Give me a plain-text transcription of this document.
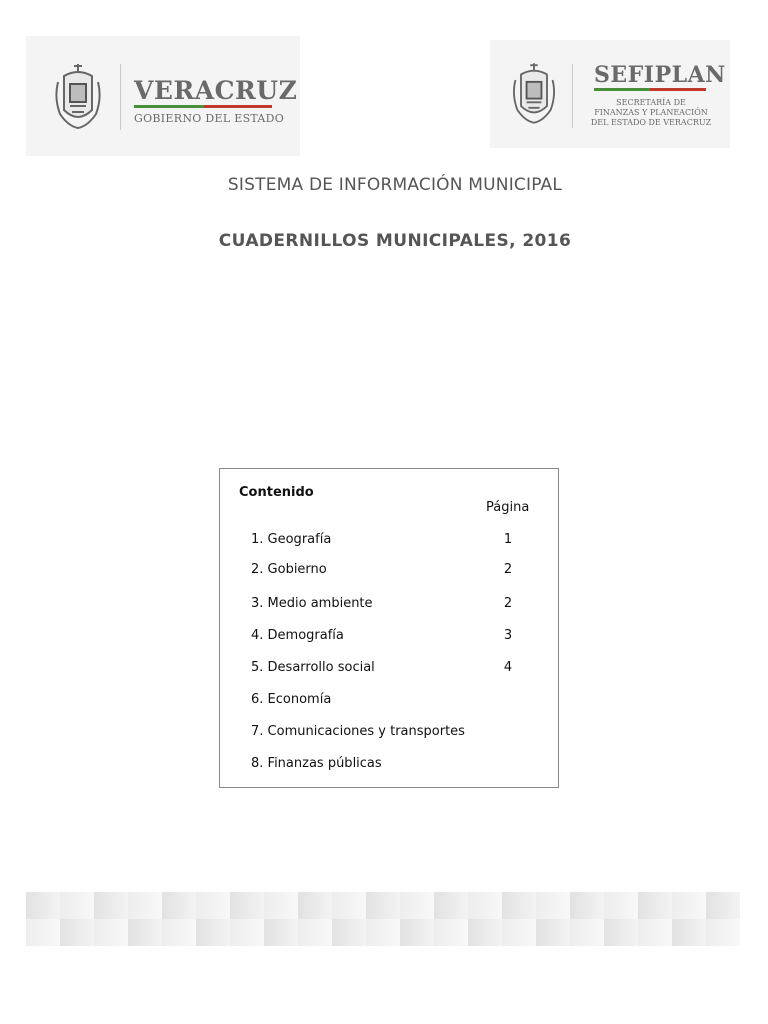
VERACRUZ
GOBIERNO DEL ESTADO
SEFIPLAN
SECRETARÍA DE
FINANZAS Y PLANEACIÓN
DEL ESTADO DE VERACRUZ
SISTEMA DE INFORMACIÓN MUNICIPAL
CUADERNILLOS MUNICIPALES, 2016
Contenido
Página
1. Geografía	1
2. Gobierno	2
3. Medio ambiente	2
4. Demografía	3
5. Desarrollo social	4
6. Economía
7. Comunicaciones y transportes
8. Finanzas públicas
